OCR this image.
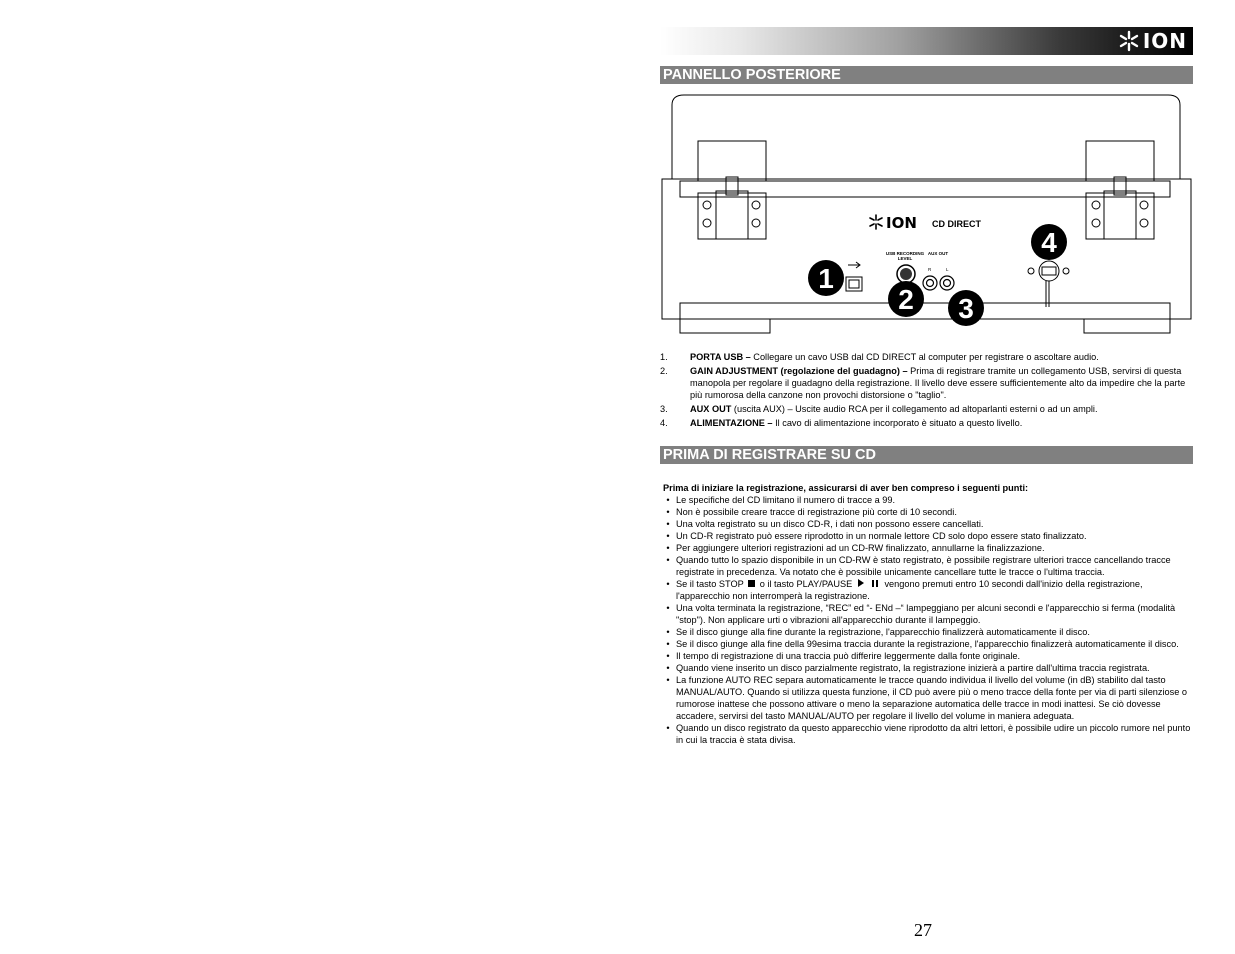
ION
PANNELLO POSTERIORE
ION CD DIRECT
USB RECORDING
LEVEL
AUX OUT
R	L
1
2 3
4
1.	PORTA USB – Collegare un cavo USB dal CD DIRECT al computer per registrare o ascoltare audio.
2.	GAIN ADJUSTMENT (regolazione del guadagno) – Prima di registrare tramite un collegamento USB, servirsi di questa manopola per regolare il guadagno della registrazione. Il livello deve essere sufficientemente alto da impedire che la parte più rumorosa della canzone non provochi distorsione o "taglio".
3.	AUX OUT (uscita AUX) – Uscite audio RCA per il collegamento ad altoparlanti esterni o ad un ampli.
4.	ALIMENTAZIONE – Il cavo di alimentazione incorporato è situato a questo livello.
PRIMA DI REGISTRARE SU CD
Prima di iniziare la registrazione, assicurarsi di aver ben compreso i seguenti punti:
• Le specifiche del CD limitano il numero di tracce a 99.
• Non è possibile creare tracce di registrazione più corte di 10 secondi.
• Una volta registrato su un disco CD-R, i dati non possono essere cancellati.
• Un CD-R registrato può essere riprodotto in un normale lettore CD solo dopo essere stato finalizzato.
• Per aggiungere ulteriori registrazioni ad un CD-RW finalizzato, annullarne la finalizzazione.
• Quando tutto lo spazio disponibile in un CD-RW è stato registrato, è possibile registrare ulteriori tracce cancellando tracce registrate in precedenza. Va notato che è possibile unicamente cancellare tutte le tracce o l'ultima traccia.
• Se il tasto STOP o il tasto PLAY/PAUSE	vengono premuti entro 10 secondi dall'inizio della registrazione, l'apparecchio non interromperà la registrazione.
• Una volta terminata la registrazione, “REC” ed “- ENd –“ lampeggiano per alcuni secondi e l'apparecchio si ferma (modalità "stop"). Non applicare urti o vibrazioni all'apparecchio durante il lampeggio.
• Se il disco giunge alla fine durante la registrazione, l'apparecchio finalizzerà automaticamente il disco.
• Se il disco giunge alla fine della 99esima traccia durante la registrazione, l'apparecchio finalizzerà automaticamente il disco.
• Il tempo di registrazione di una traccia può differire leggermente dalla fonte originale.
• Quando viene inserito un disco parzialmente registrato, la registrazione inizierà a partire dall'ultima traccia registrata.
• La funzione AUTO REC separa automaticamente le tracce quando individua il livello del volume (in dB) stabilito dal tasto MANUAL/AUTO. Quando si utilizza questa funzione, il CD può avere più o meno tracce della fonte per via di parti silenziose o rumorose inattese che possono attivare o meno la separazione automatica delle tracce in modi inattesi. Se ciò dovesse accadere, servirsi del tasto MANUAL/AUTO per regolare il livello del volume in maniera adeguata.
• Quando un disco registrato da questo apparecchio viene riprodotto da altri lettori, è possibile udire un piccolo rumore nel punto in cui la traccia è stata divisa.
27
